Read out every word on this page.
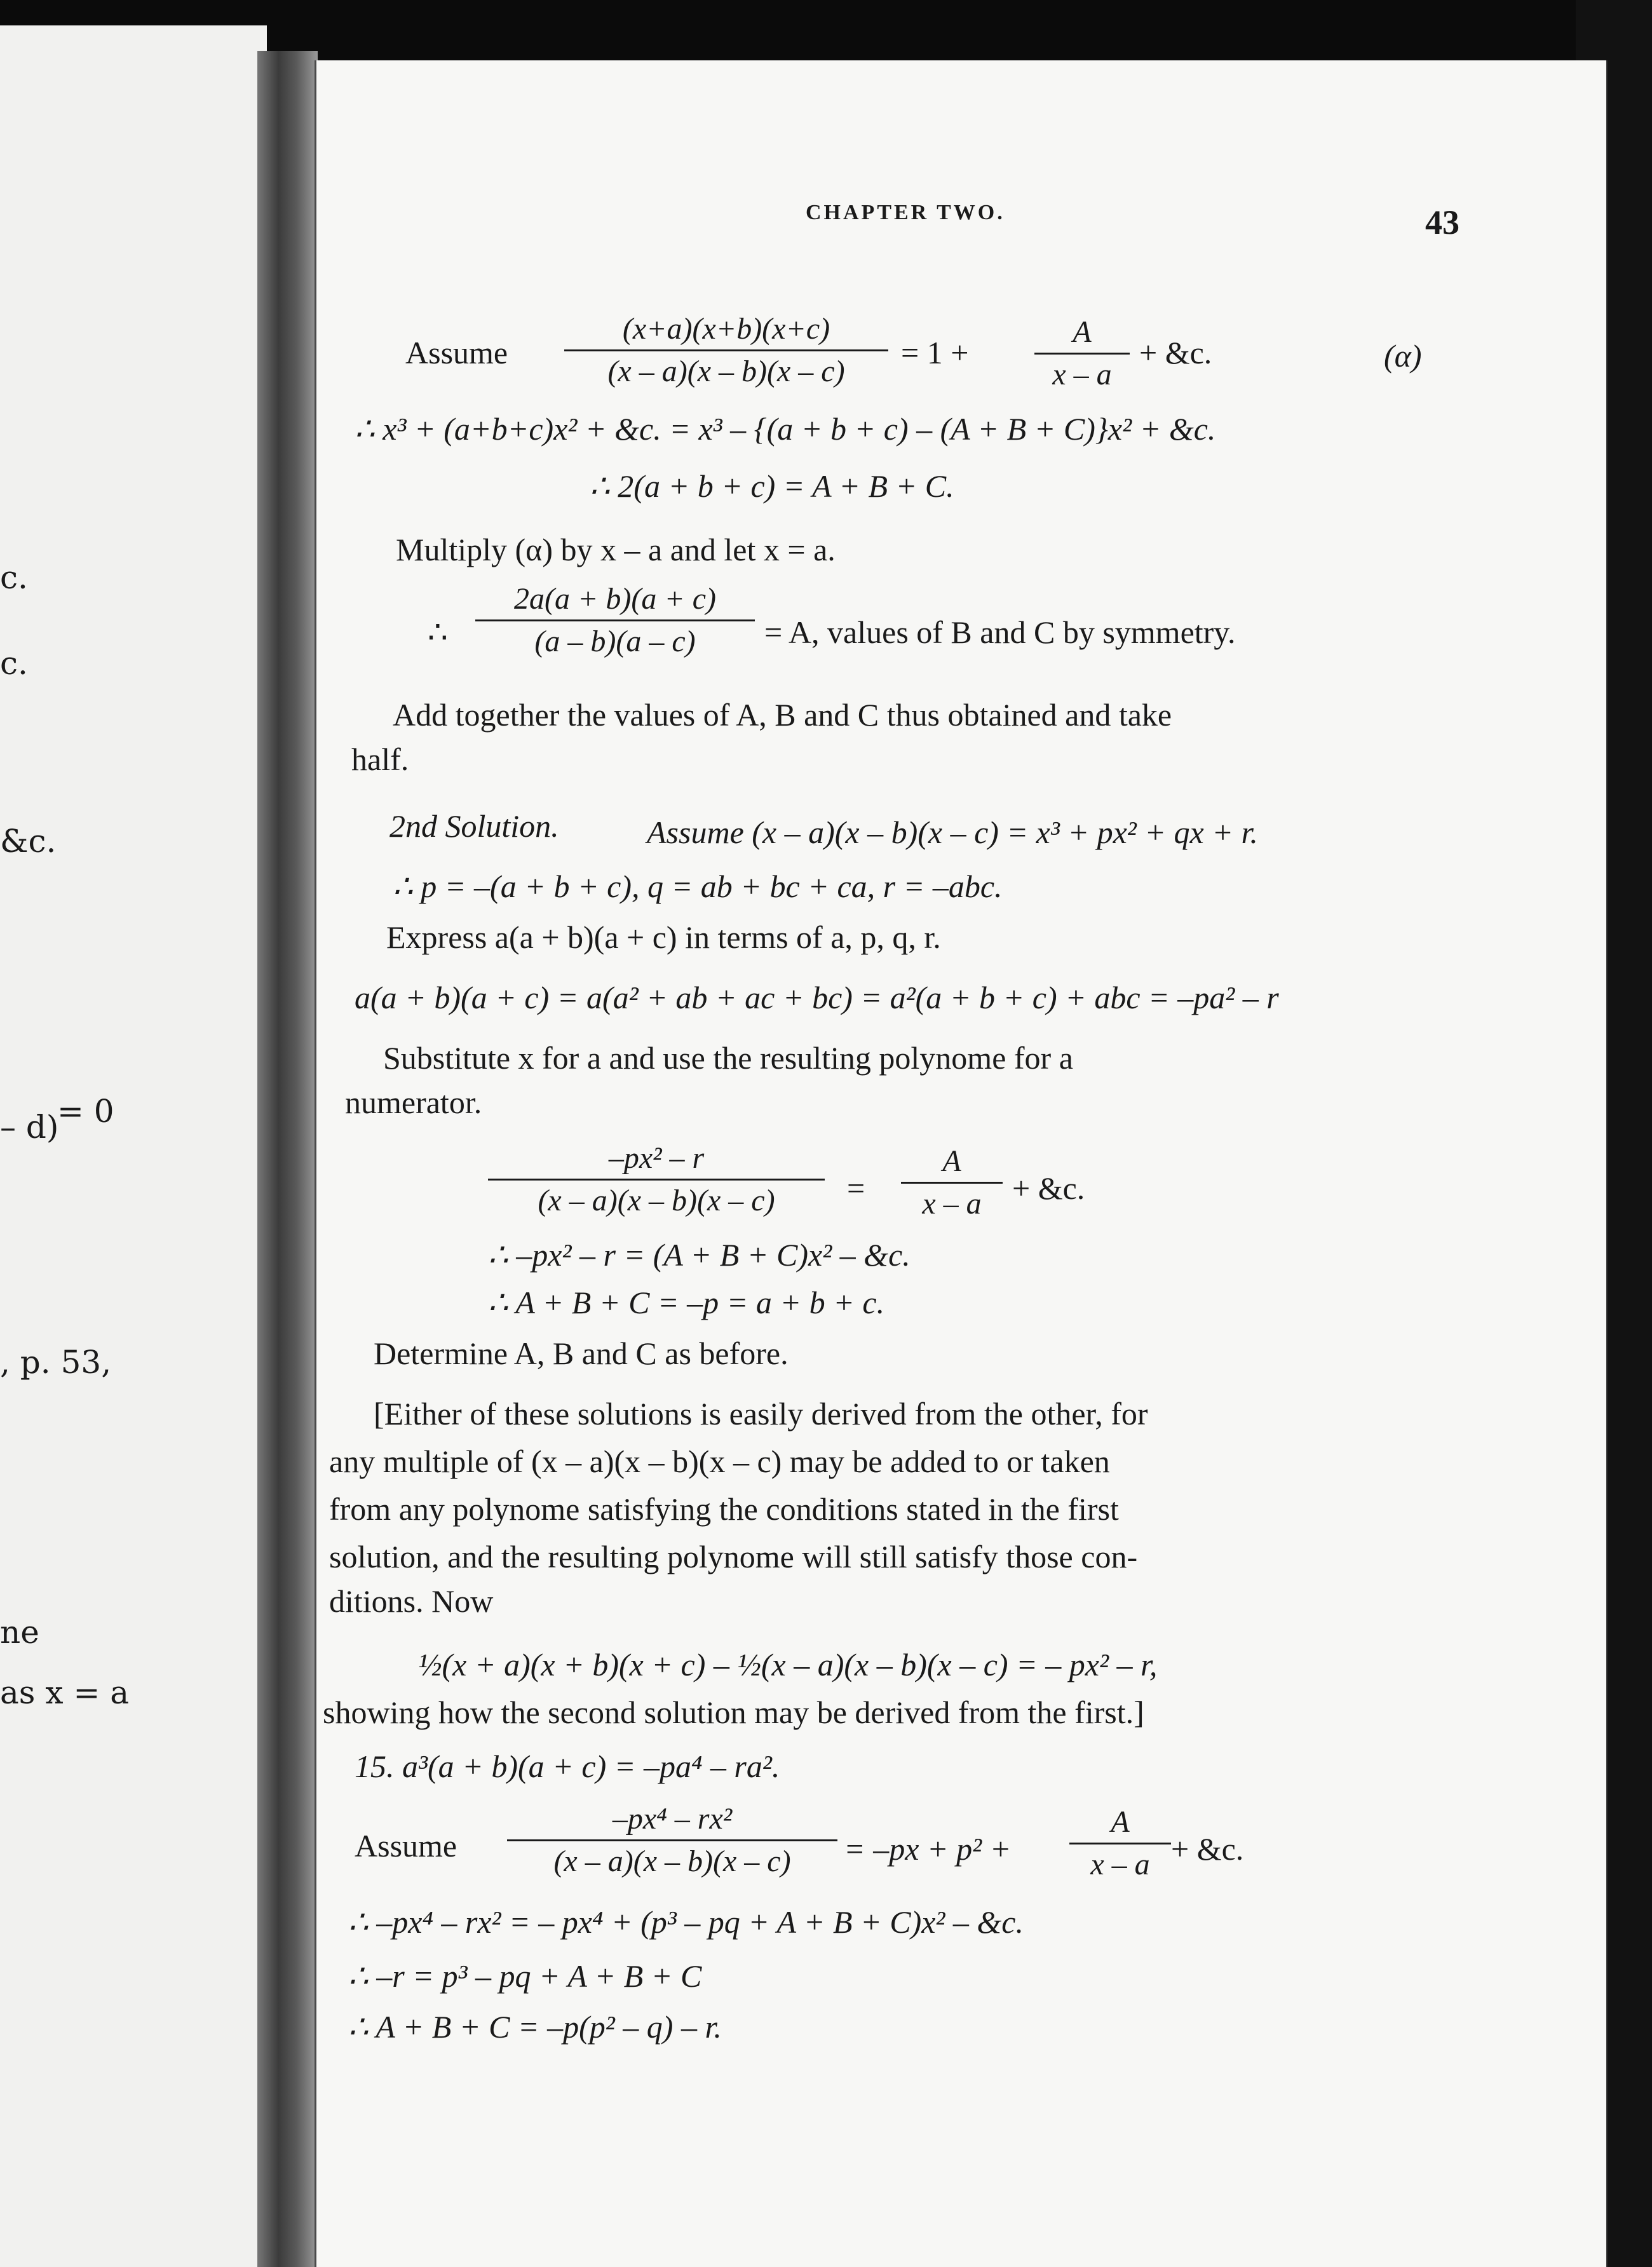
c.
c.
&c.
= 0
– d)
, p. 53,
ne
as x = a
CHAPTER TWO.	43
Assume
(x+a)(x+b)(x+c)
(x – a)(x – b)(x – c)
= 1 +
A
x – a
+ &c.	(α)
∴ x³ + (a+b+c)x² + &c. = x³ – {(a + b + c) – (A + B + C)}x² + &c.
∴ 2(a + b + c) = A + B + C.
Multiply (α) by x – a and let x = a.
∴
2a(a + b)(a + c)
(a – b)(a – c)	= A, values of B and C by symmetry.
Add together the values of A, B and C thus obtained and take
half.
2nd Solution.	Assume (x – a)(x – b)(x – c) = x³ + px² + qx + r.
∴ p = –(a + b + c), q = ab + bc + ca, r = –abc.
Express a(a + b)(a + c) in terms of a, p, q, r.
a(a + b)(a + c) = a(a² + ab + ac + bc) = a²(a + b + c) + abc = –pa² – r
Substitute x for a and use the resulting polynome for a
numerator.
–px² – r
(x – a)(x – b)(x – c)	=
A
x – a + &c.
∴ –px² – r = (A + B + C)x² – &c.
∴ A + B + C = –p = a + b + c.
Determine A, B and C as before.
[Either of these solutions is easily derived from the other, for
any multiple of (x – a)(x – b)(x – c) may be added to or taken
from any polynome satisfying the conditions stated in the first
solution, and the resulting polynome will still satisfy those con-
ditions. Now
½(x + a)(x + b)(x + c) – ½(x – a)(x – b)(x – c) = – px² – r,
showing how the second solution may be derived from the first.]
15. a³(a + b)(a + c) = –pa⁴ – ra².
Assume
–px⁴ – rx²
(x – a)(x – b)(x – c)	= –px + p² +
A
x – a + &c.
∴ –px⁴ – rx² = – px⁴ + (p³ – pq + A + B + C)x² – &c.
∴ –r = p³ – pq + A + B + C
∴ A + B + C = –p(p² – q) – r.
